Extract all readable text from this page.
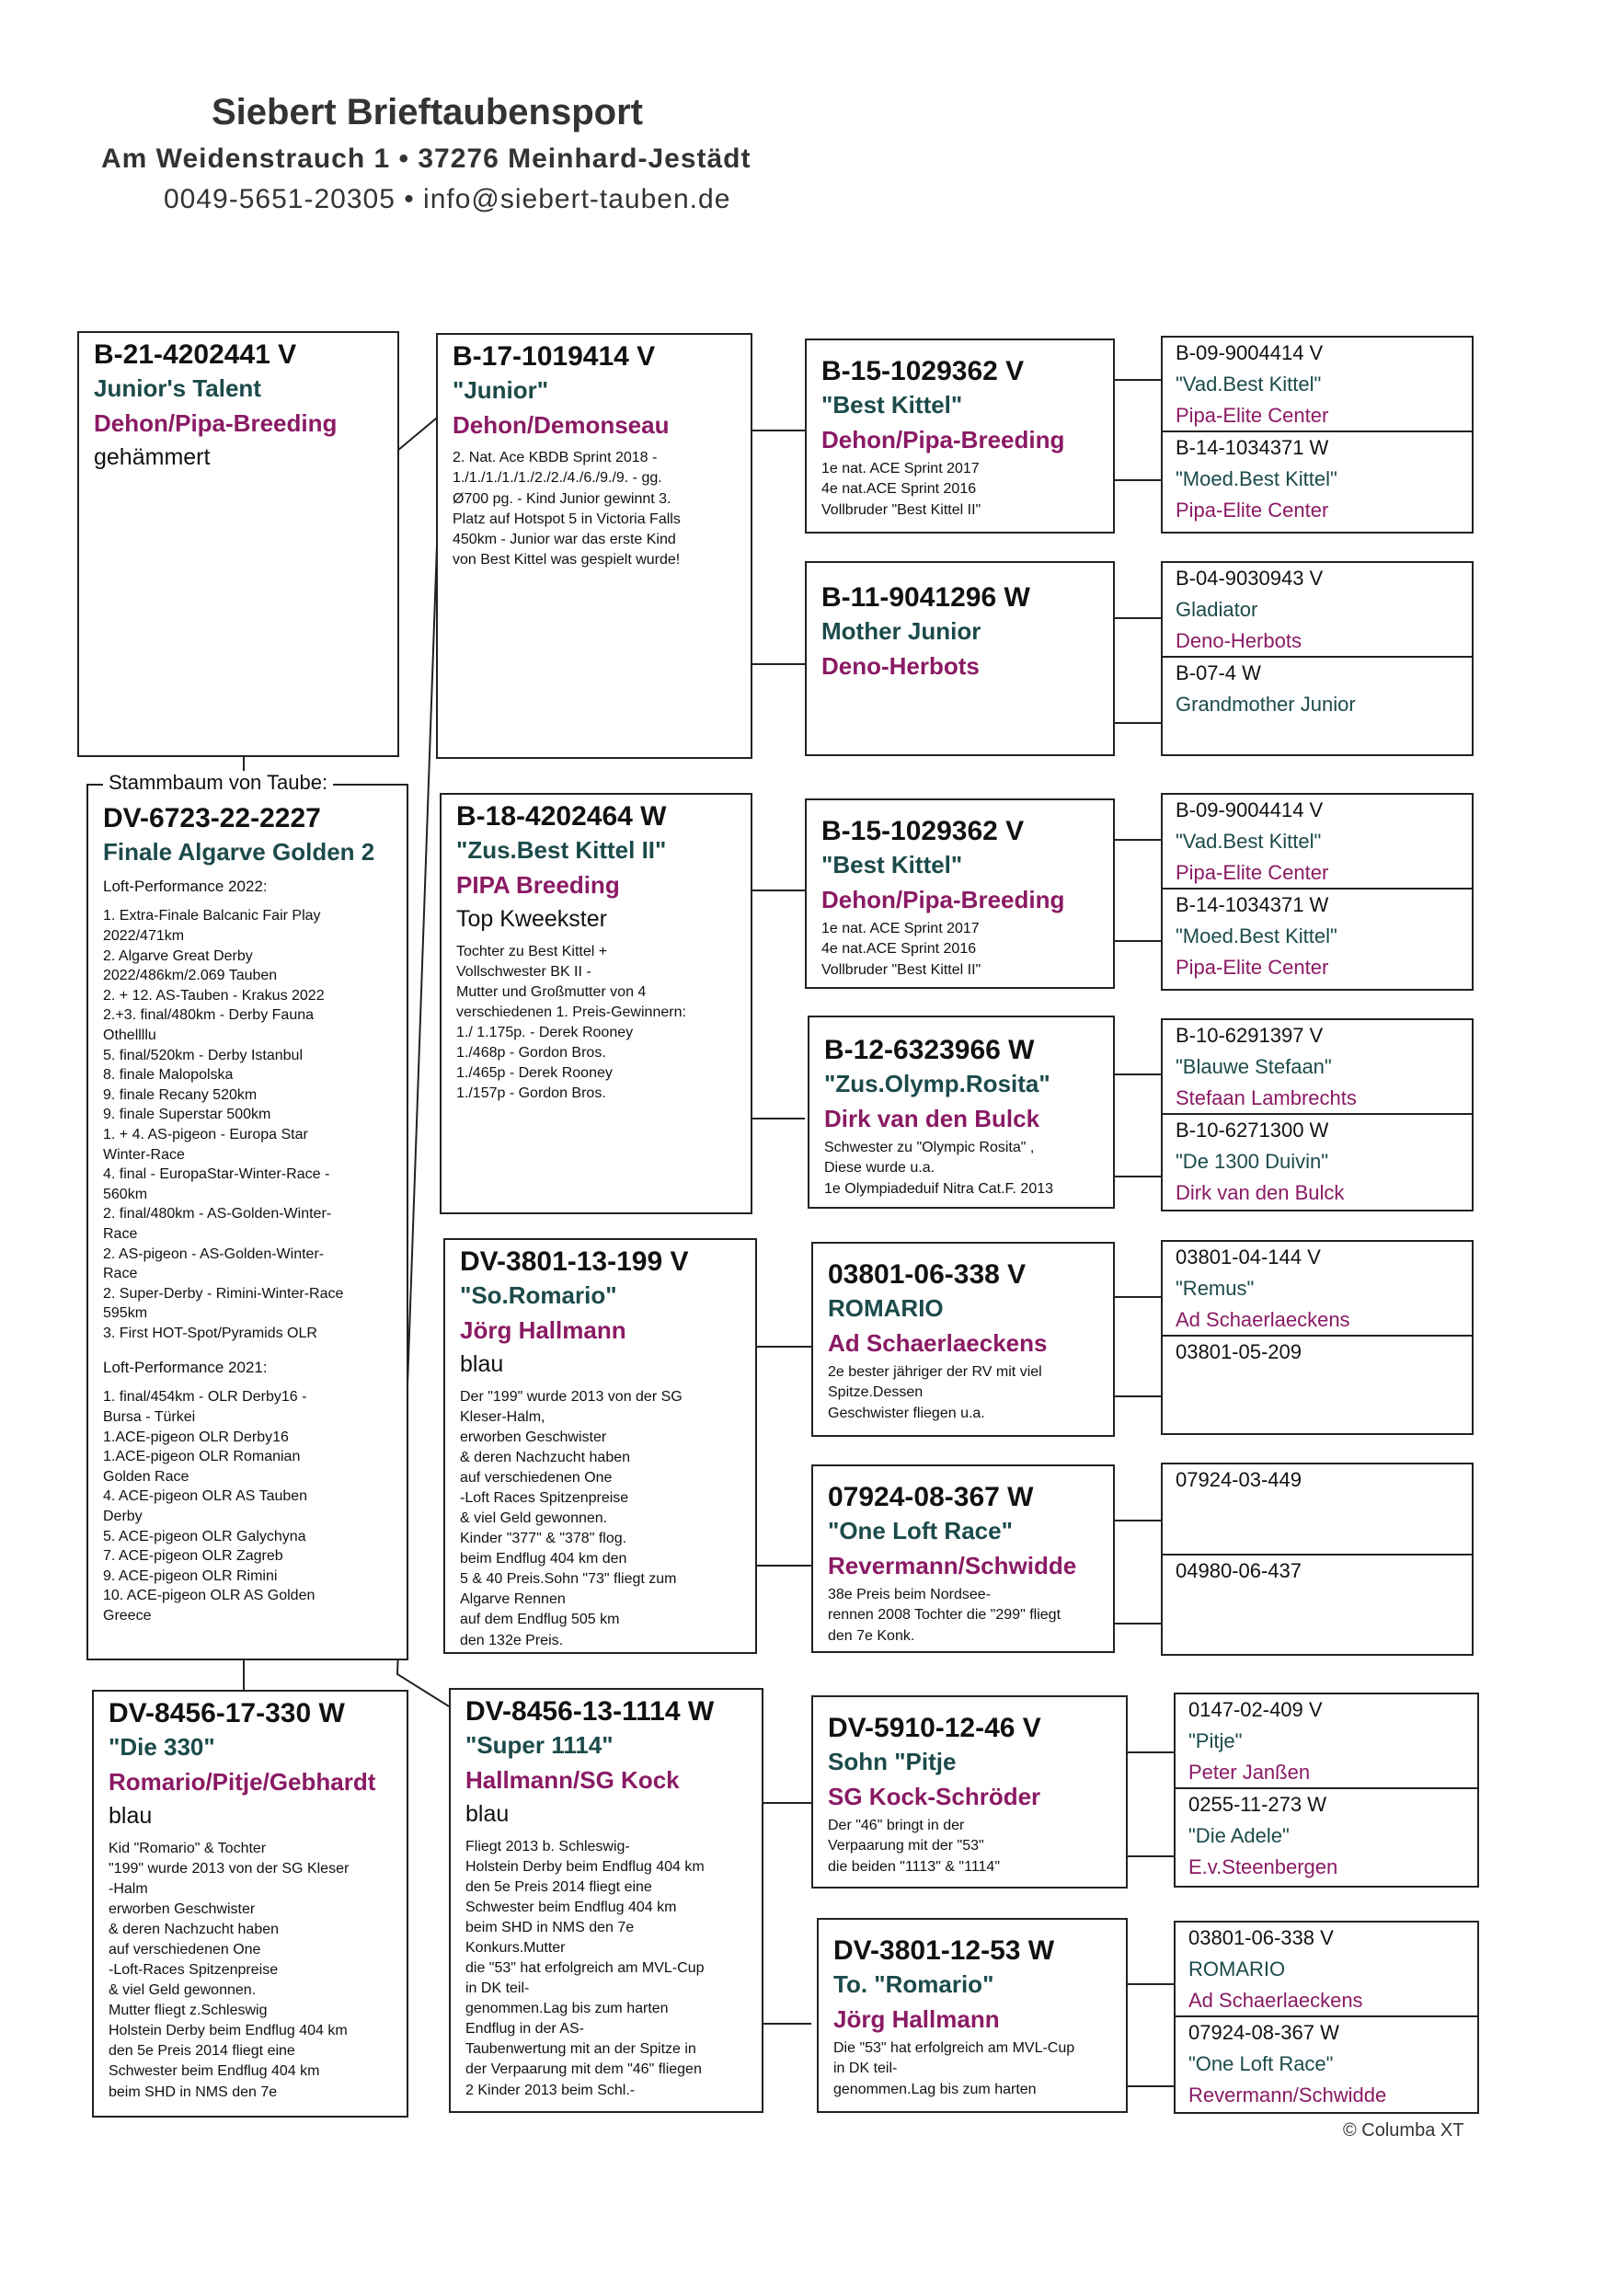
Siebert Brieftaubensport
Am Weidenstrauch 1 • 37276 Meinhard-Jestädt
0049-5651-20305 • info@siebert-tauben.de
B-21-4202441 V
Junior's Talent
Dehon/Pipa-Breeding
gehämmert
DV-6723-22-2227
Finale Algarve Golden 2
Loft-Performance 2022:
1. Extra-Finale Balcanic Fair Play
2022/471km
2. Algarve Great Derby
2022/486km/2.069 Tauben
2. + 12. AS-Tauben - Krakus 2022
2.+3. final/480km - Derby Fauna
Othellllu
5. final/520km - Derby Istanbul
8. finale Malopolska
9. finale Recany 520km
9. finale Superstar 500km
1. + 4. AS-pigeon - Europa Star
Winter-Race
4. final - EuropaStar-Winter-Race -
560km
2. final/480km - AS-Golden-Winter-
Race
2. AS-pigeon - AS-Golden-Winter-
Race
2. Super-Derby - Rimini-Winter-Race
595km
3. First HOT-Spot/Pyramids OLR
Loft-Performance 2021:
1. final/454km - OLR Derby16 -
Bursa - Türkei
1.ACE-pigeon OLR Derby16
1.ACE-pigeon OLR Romanian
Golden Race
4. ACE-pigeon OLR AS Tauben
Derby
5. ACE-pigeon OLR Galychyna
7. ACE-pigeon OLR Zagreb
9. ACE-pigeon OLR Rimini
10. ACE-pigeon OLR AS Golden
Greece
Stammbaum von Taube:
DV-8456-17-330 W
"Die 330"
Romario/Pitje/Gebhardt
blau
Kid "Romario" & Tochter
"199" wurde 2013 von der SG Kleser
-Halm
erworben Geschwister
& deren Nachzucht haben
auf verschiedenen One
-Loft-Races Spitzenpreise
& viel Geld gewonnen.
Mutter fliegt z.Schleswig
Holstein Derby beim Endflug 404 km
den 5e Preis 2014 fliegt eine
Schwester beim Endflug 404 km
beim SHD in NMS den 7e
B-17-1019414 V
"Junior"
Dehon/Demonseau
2. Nat. Ace KBDB Sprint 2018 -
1./1./1./1./1./2./2./4./6./9./9. - gg.
Ø700 pg. - Kind Junior gewinnt 3.
Platz auf Hotspot 5 in Victoria Falls
450km - Junior war das erste Kind
von Best Kittel was gespielt wurde!
B-18-4202464 W
"Zus.Best Kittel II"
PIPA Breeding
Top Kweekster
Tochter zu Best Kittel +
Vollschwester BK II -
Mutter und Großmutter von 4
verschiedenen 1. Preis-Gewinnern:
1./ 1.175p. - Derek Rooney
1./468p - Gordon Bros.
1./465p - Derek Rooney
1./157p - Gordon Bros.
DV-3801-13-199 V
"So.Romario"
Jörg Hallmann
blau
Der "199" wurde 2013 von der SG
Kleser-Halm,
erworben Geschwister
& deren Nachzucht haben
auf verschiedenen One
-Loft Races Spitzenpreise
& viel Geld gewonnen.
Kinder "377" & "378" flog.
beim Endflug 404 km den
5 & 40 Preis.Sohn "73" fliegt zum
Algarve Rennen
auf dem Endflug 505 km
den 132e Preis.
DV-8456-13-1114 W
"Super 1114"
Hallmann/SG Kock
blau
Fliegt 2013 b. Schleswig-
Holstein Derby beim Endflug 404 km
den 5e Preis 2014 fliegt eine
Schwester beim Endflug 404 km
beim SHD in NMS den 7e
Konkurs.Mutter
die "53" hat erfolgreich am MVL-Cup
in DK teil-
genommen.Lag bis zum harten
Endflug in der AS-
Taubenwertung mit an der Spitze in
der Verpaarung mit dem "46" fliegen
2 Kinder 2013 beim Schl.-
B-15-1029362 V
"Best Kittel"
Dehon/Pipa-Breeding
1e nat. ACE Sprint 2017
4e nat.ACE Sprint 2016
Vollbruder "Best Kittel II"
B-11-9041296 W
Mother Junior
Deno-Herbots
B-15-1029362 V
"Best Kittel"
Dehon/Pipa-Breeding
1e nat. ACE Sprint 2017
4e nat.ACE Sprint 2016
Vollbruder "Best Kittel II"
B-12-6323966 W
"Zus.Olymp.Rosita"
Dirk van den Bulck
Schwester zu "Olympic Rosita" ,
Diese wurde u.a.
1e Olympiadeduif Nitra Cat.F. 2013
03801-06-338 V
ROMARIO
Ad Schaerlaeckens
2e bester jähriger der RV mit viel
Spitze.Dessen
Geschwister fliegen u.a.
07924-08-367 W
"One Loft Race"
Revermann/Schwidde
38e Preis beim Nordsee-
rennen 2008 Tochter die "299" fliegt
den 7e Konk.
DV-5910-12-46 V
Sohn "Pitje
SG Kock-Schröder
Der "46" bringt in der
Verpaarung mit der "53"
die beiden "1113" & "1114"
DV-3801-12-53 W
To. "Romario"
Jörg Hallmann
Die "53" hat erfolgreich am MVL-Cup
in DK teil-
genommen.Lag bis zum harten
B-09-9004414 V
"Vad.Best Kittel"
Pipa-Elite Center
B-14-1034371 W
"Moed.Best Kittel"
Pipa-Elite Center
B-04-9030943 V
Gladiator
Deno-Herbots
B-07-4 W
Grandmother Junior
B-09-9004414 V
"Vad.Best Kittel"
Pipa-Elite Center
B-14-1034371 W
"Moed.Best Kittel"
Pipa-Elite Center
B-10-6291397 V
"Blauwe Stefaan"
Stefaan Lambrechts
B-10-6271300 W
"De 1300 Duivin"
Dirk van den Bulck
03801-04-144 V
"Remus"
Ad Schaerlaeckens
03801-05-209
07924-03-449
04980-06-437
0147-02-409 V
"Pitje"
Peter Janßen
0255-11-273 W
"Die Adele"
E.v.Steenbergen
03801-06-338 V
ROMARIO
Ad Schaerlaeckens
07924-08-367 W
"One Loft Race"
Revermann/Schwidde
© Columba XT
